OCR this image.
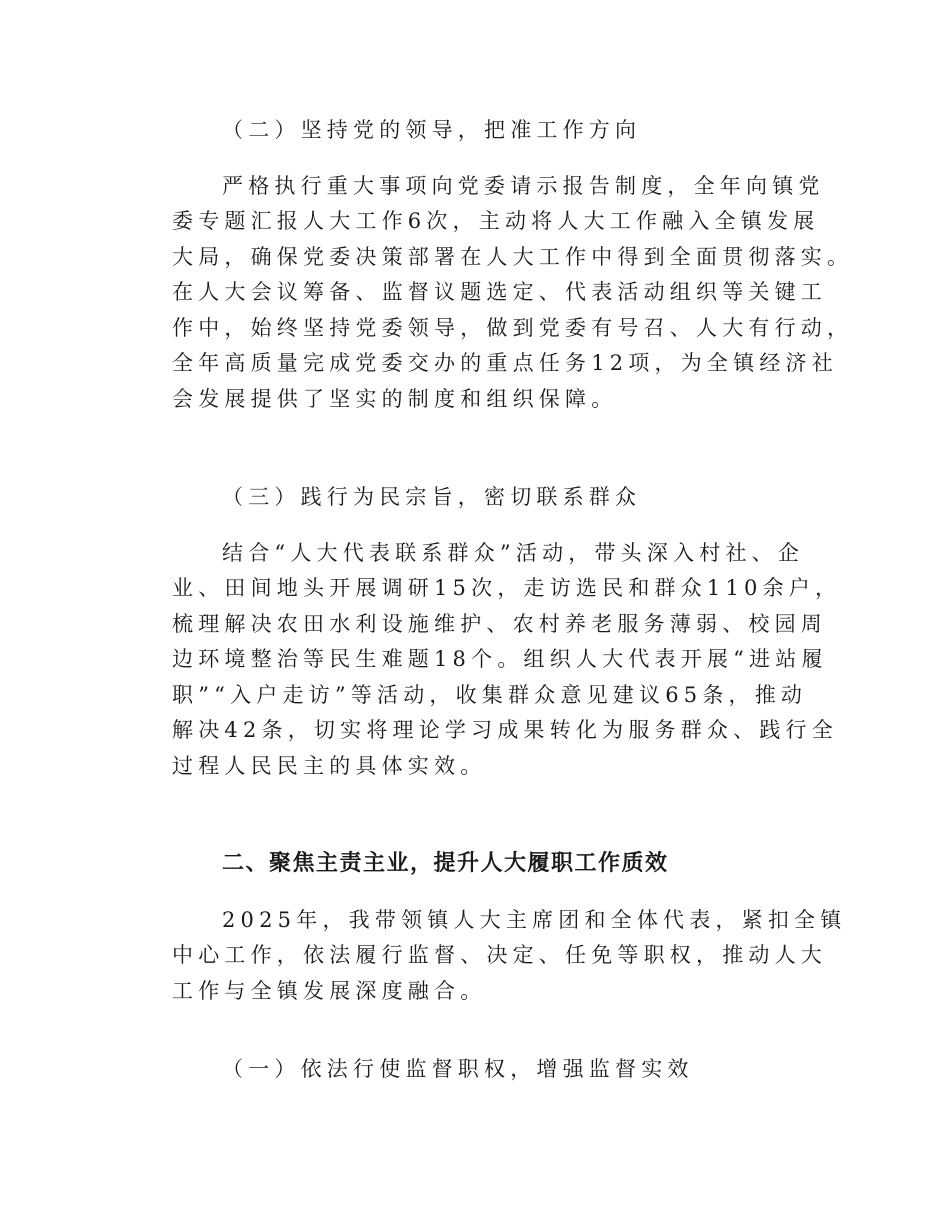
（二）坚持党的领导，把准工作方向
严格执行重大事项向党委请示报告制度，全年向镇党
委专题汇报人大工作6次，主动将人大工作融入全镇发展
大局，确保党委决策部署在人大工作中得到全面贯彻落实。
在人大会议筹备、监督议题选定、代表活动组织等关键工
作中，始终坚持党委领导，做到党委有号召、人大有行动，
全年高质量完成党委交办的重点任务12项，为全镇经济社
会发展提供了坚实的制度和组织保障。
（三）践行为民宗旨，密切联系群众
结合“人大代表联系群众”活动，带头深入村社、企
业、田间地头开展调研15次，走访选民和群众110余户，
梳理解决农田水利设施维护、农村养老服务薄弱、校园周
边环境整治等民生难题18个。组织人大代表开展“进站履
职”“入户走访”等活动，收集群众意见建议65条，推动
解决42条，切实将理论学习成果转化为服务群众、践行全
过程人民民主的具体实效。
二、聚焦主责主业，提升人大履职工作质效
2025年，我带领镇人大主席团和全体代表，紧扣全镇
中心工作，依法履行监督、决定、任免等职权，推动人大
工作与全镇发展深度融合。
（一）依法行使监督职权，增强监督实效
